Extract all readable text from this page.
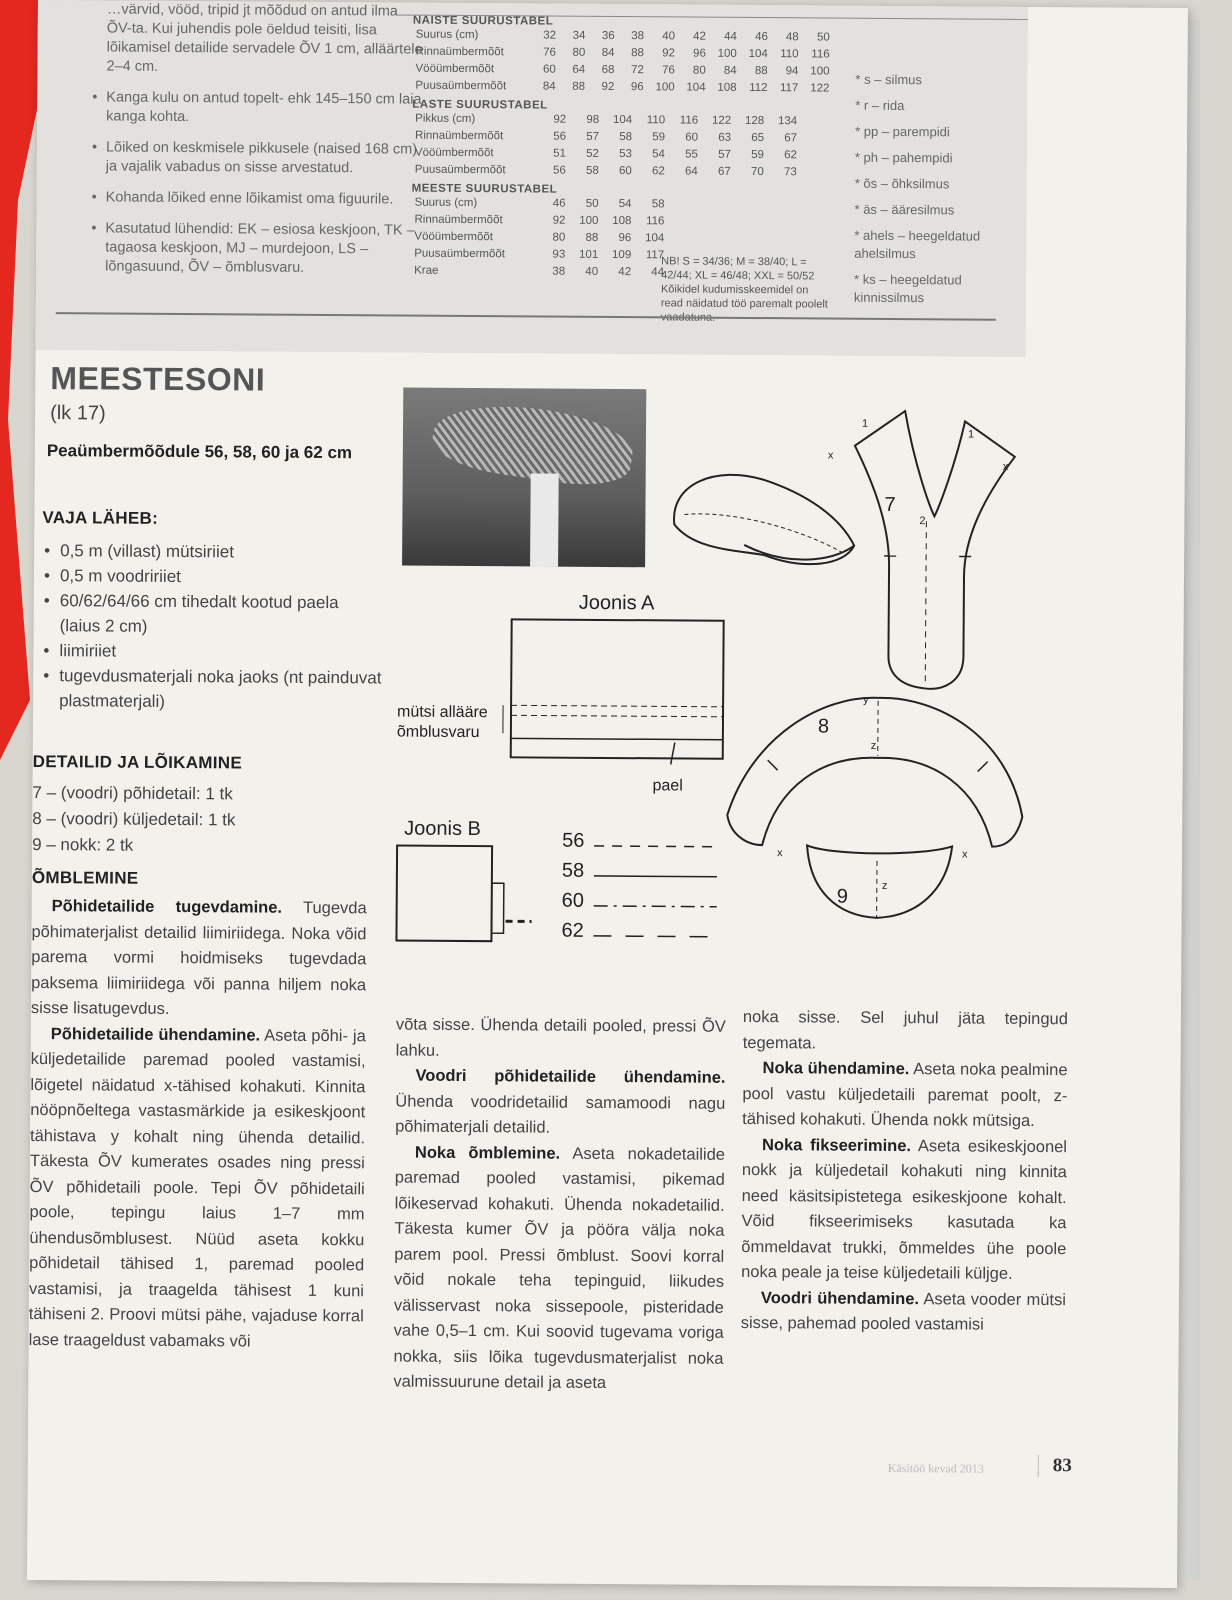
…värvid, vööd, tripid jt mõõdud on antud ilma ÕV-ta. Kui juhendis pole öeldud teisiti, lisa lõikamisel detailide servadele ÕV 1 cm, alläärtele 2–4 cm.

• Kanga kulu on antud topelt- ehk 145–150 cm laia kanga kohta.

• Lõiked on keskmisele pikkusele (naised 168 cm) ja vajalik vabadus on sisse arvestatud.

• Kohanda lõiked enne lõikamist oma figuurile.

• Kasutatud lühendid: EK – esiosa keskjoon, TK – tagaosa keskjoon, MJ – murdejoon, LS – lõngasuund, ÕV – õmblusvaru.

NAISTE SUURUSTABEL
Suurus (cm)	32	34	36	38	40	42	44	46	48	50
Rinnaümbermõõt	76	80	84	88	92	96	100	104	110	116
Vööümbermõõt	60	64	68	72	76	80	84	88	94	100
Puusaümbermõõt	84	88	92	96	100	104	108	112	117	122
LASTE SUURUSTABEL
Pikkus (cm)	92	98	104	110	116	122	128	134
Rinnaümbermõõt	56	57	58	59	60	63	65	67
Vööümbermõõt	51	52	53	54	55	57	59	62
Puusaümbermõõt	56	58	60	62	64	67	70	73
MEESTE SUURUSTABEL
Suurus (cm)	46	50	54	58
Rinnaümbermõõt	92	100	108	116
Vööümbermõõt	80	88	96	104
Puusaümbermõõt	93	101	109	117
Krae	38	40	42	44
NB! S = 34/36; M = 38/40; L = 42/44; XL = 46/48; XXL = 50/52 Kõikidel kudumisskeemidel on read näidatud töö paremalt poolelt
* s – silmus
* r – rida
* pp – parempidi
* ph – pahempidi
* õs – õhksilmus
* äs – ääresilmus
* ahels – heegeldatud ahelsilmus
* ks – heegeldatud kinnissilmus
MEESTESONI
(lk 17)
Peaümbermõõdule 56, 58, 60 ja 62 cm
VAJA LÄHEB:
• 0,5 m (villast) mütsiriiet
• 0,5 m voodririiet
• 60/62/64/66 cm tihedalt kootud paela (laius 2 cm)
• liimiriiet
• tugevdusmaterjali noka jaoks (nt painduvat plastmaterjali)
DETAILID JA LÕIKAMINE
7 – (voodri) põhidetail: 1 tk
8 – (voodri) küljedetail: 1 tk
9 – nokk: 2 tk
ÕMBLEMINE
Põhidetailide tugevdamine. Tugevda põhimaterjalist detailid liimiriidega. Noka võid parema vormi hoidmiseks tugevdada paksema liimiriidega või panna hiljem noka sisse lisatugevdus.
Põhidetailide ühendamine. Aseta põhi- ja küljedetailide paremad pooled vastamisi, lõigetel näidatud x-tähised kohakuti. Kinnita nööpnõeltega vastasmärkide ja esikeskjoont tähistava y kohalt ning ühenda detailid. Täkesta ÕV kumerates osades ning pressi ÕV põhidetaili poole. Tepi ÕV põhidetaili poole, tepingu laius 1–7 mm ühendusõmblusest. Nüüd aseta kokku põhidetail tähised 1, paremad pooled vastamisi, ja traagelda tähisest 1 kuni tähiseni 2. Proovi mütsi pähe, vajaduse korral lase traageldust vabamaks või
võta sisse. Ühenda detaili pooled, pressi ÕV lahku.
Voodri põhidetailide ühendamine. Ühenda voodridetailid samamoodi nagu põhimaterjali detailid.
Noka õmblemine. Aseta nokadetailide paremad pooled vastamisi, pikemad lõikeservad kohakuti. Ühenda nokadetailid. Täkesta kumer ÕV ja pööra välja noka parem pool. Pressi õmblust. Soovi korral võid nokale teha tepinguid, liikudes välisservast noka sissepoole, pisteridade vahe 0,5–1 cm. Kui soovid tugevama voriga nokka, siis lõika tugevdusmaterjalist noka valmissuurune detail ja aseta
noka sisse. Sel juhul jäta tepingud tegemata.
Noka ühendamine. Aseta noka pealmine pool vastu küljedetaili paremat poolt, z-tähised kohakuti. Ühenda nokk mütsiga.
Noka fikseerimine. Aseta esikeskjoonel nokk ja küljedetail kohakuti ning kinnita need käsitsipistetega esikeskjoone kohalt. Võid fikseerimiseks kasutada ka õmmeldavat trukki, õmmeldes ühe poole noka peale ja teise küljedetaili küljge.
Voodri ühendamine. Aseta vooder mütsi sisse, pahemad pooled vastamisi
Joonis A
mütsi alläärе õmblusvaru
pael
Joonis B
56
58
60
62
7
1
1
x
x
2
8
9
y
z
z
x	x
Käsitöö kevad 2013	83
